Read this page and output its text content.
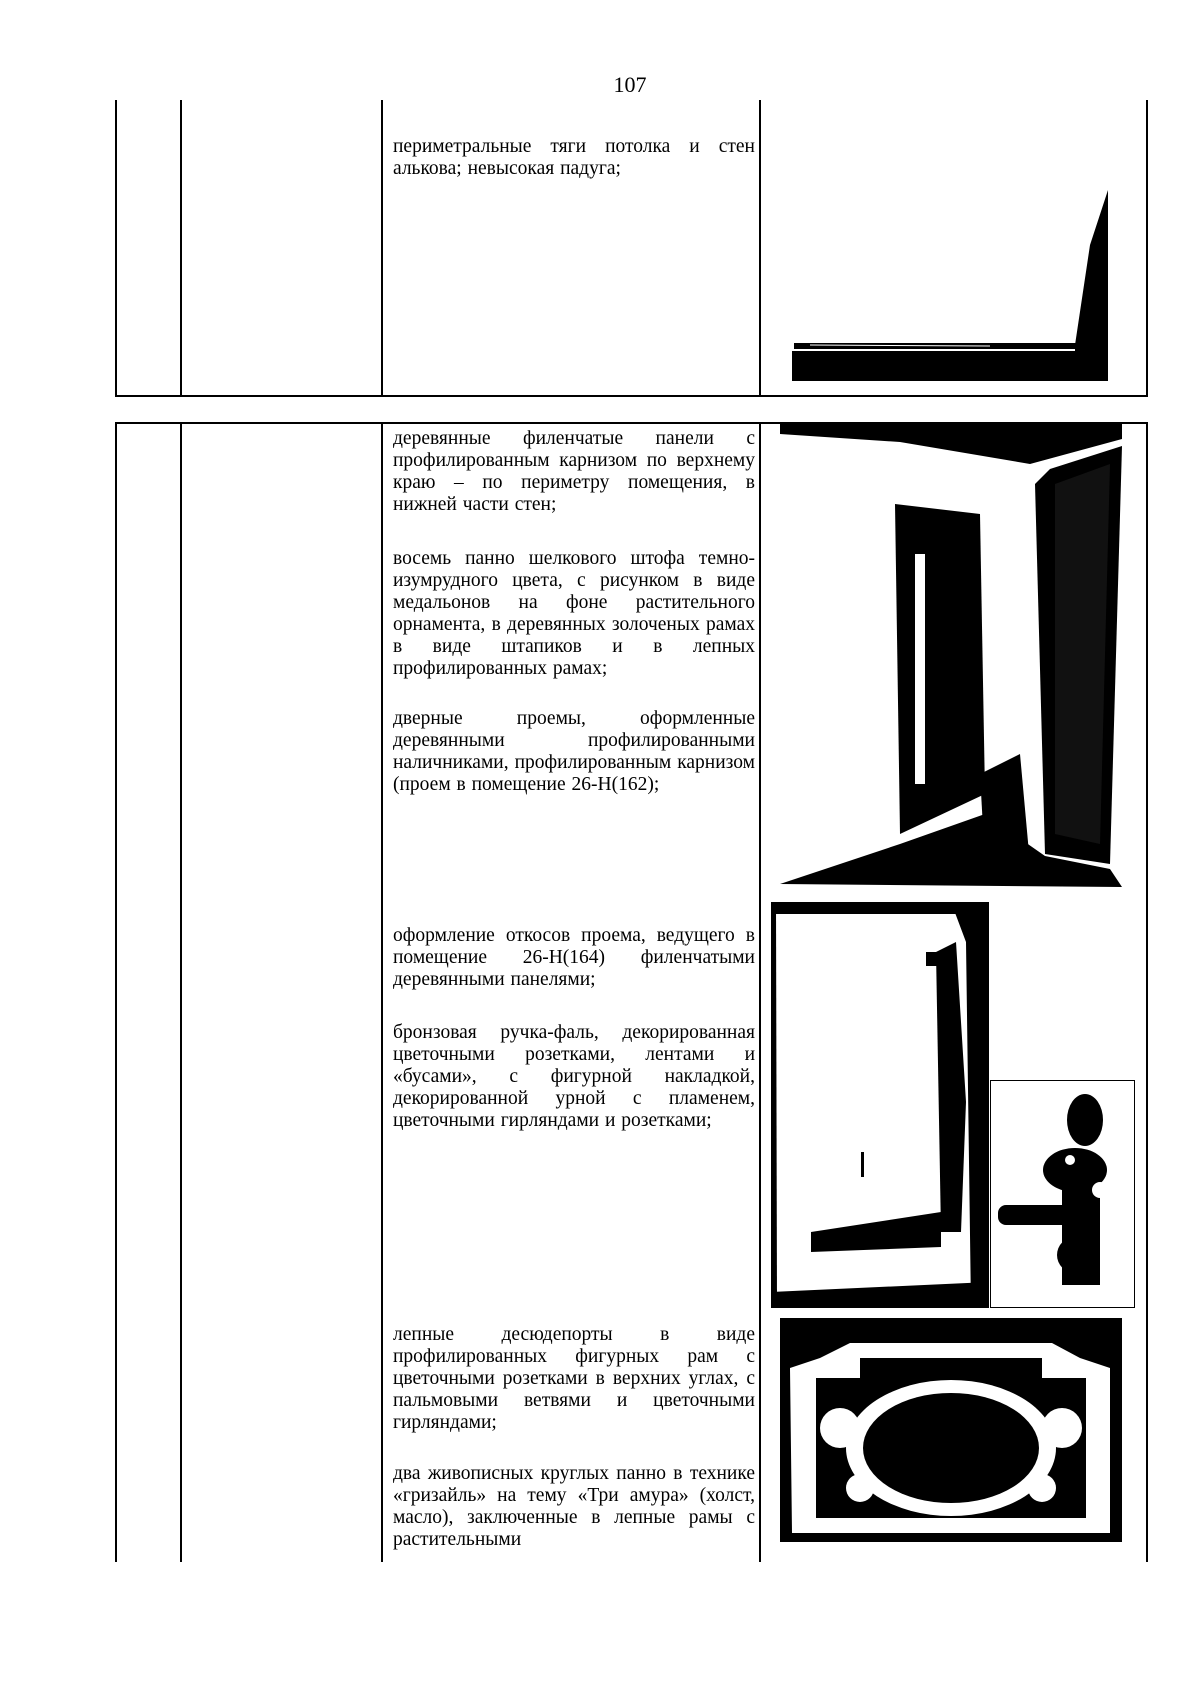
107
периметральные тяги потолка и стен алькова; невысокая падуга;
деревянные филенчатые панели с профилированным карнизом по верхнему краю – по периметру помещения, в нижней части стен;
восемь панно шелкового штофа темно-изумрудного цвета, с рисунком в виде медальонов на фоне растительного орнамента, в деревянных золоченых рамах в виде штапиков и в лепных профилированных рамах;
дверные проемы, оформленные деревянными профилированными наличниками, профилированным карнизом (проем в помещение 26-Н(162);
оформление откосов проема, ведущего в помещение 26-Н(164) филенчатыми деревянными панелями;
бронзовая ручка-фаль, декорированная цветочными розетками, лентами и «бусами», с фигурной накладкой, декорированной урной с пламенем, цветочными гирляндами и розетками;
лепные десюдепорты в виде профилированных фигурных рам с цветочными розетками в верхних углах, с пальмовыми ветвями и цветочными гирляндами;
два живописных круглых панно в технике «гризайль» на тему «Три амура» (холст, масло), заключенные в лепные рамы с растительными
